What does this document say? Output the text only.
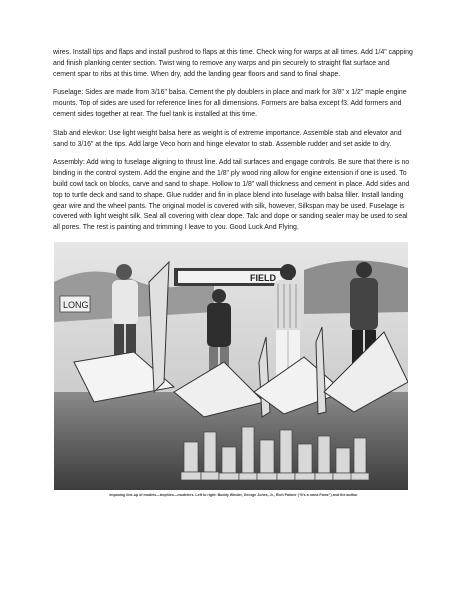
wires. Install tips and flaps and install pushrod to flaps at this time. Check wing for warps at all times. Add 1/4" capping and finish planking center section. Twist wing to remove any warps and pin securely to straight flat surface and cement spar to ribs at this time. When dry, add the landing gear floors and sand to final shape.

Fuselage: Sides are made from 3/16" balsa. Cement the ply doublers in place and mark for 3/8" x 1/2" maple engine mounts. Top of sides are used for reference lines for all dimensions. Formers are balsa except f3. Add formers and cement sides together at rear. The fuel tank is installed at this time.

Stab and elevkor: Use light weight balsa here as weight is of extreme importance. Assemble stab and elevator and sand to 3/16" at the tips. Add large Veco horn and hinge elevator to stab. Assemble rudder and set aside to dry.

Assembly: Add wing to fuselage aligning to thrust line. Add tail surfaces and engage controls. Be sure that there is no binding in the control system. Add the engine and the 1/8" ply wood ring allow for engine extension if one is used. To build cowl tack on blocks, carve and sand to shape. Hollow to 1/8" wall thickness and cement in place. Add sides and top to turtle deck and sand to shape. Glue rudder and fin in place blend into fuselage with balsa filler. Install landing gear wire and the wheel pants. The original model is covered with silk, however, Silkspan may be used. Fuselage is covered with light weight silk. Seal all covering with clear dope. Talc and dope or sanding sealer may be used to seal all pores. The rest is painting and trimming I leave to you. Good Luck And Flying.

LONG
FIELD
Imposing line-up of models—trophies—modelers. Left to right: Buddy Winder, George Jones, Jr., Rich Palmer ("It's a roma Fame") and the author
